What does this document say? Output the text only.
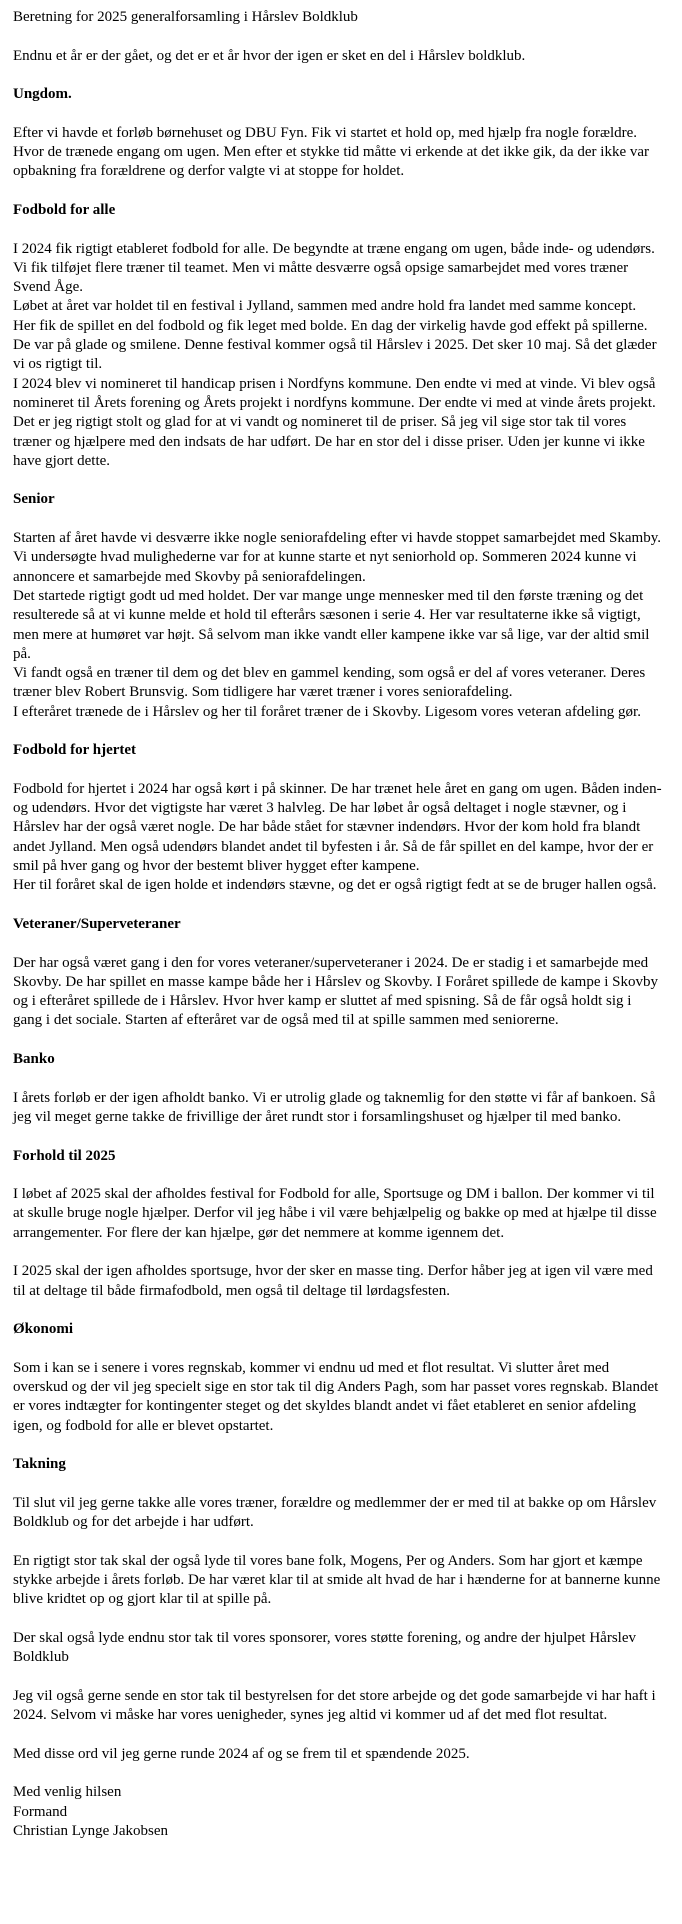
Beretning for 2025 generalforsamling i Hårslev Boldklub

Endnu et år er der gået, og det er et år hvor der igen er sket en del i Hårslev boldklub.

Ungdom.
Efter vi havde et forløb børnehuset og DBU Fyn. Fik vi startet et hold op, med hjælp fra nogle forældre. Hvor de trænede engang om ugen. Men efter et stykke tid måtte vi erkende at det ikke gik, da der ikke var opbakning fra forældrene og derfor valgte vi at stoppe for holdet.
Fodbold for alle
I 2024 fik rigtigt etableret fodbold for alle. De begyndte at træne engang om ugen, både inde- og udendørs. Vi fik tilføjet flere træner til teamet. Men vi måtte desværre også opsige samarbejdet med vores træner Svend Åge.
Løbet at året var holdet til en festival i Jylland, sammen med andre hold fra landet med samme koncept. Her fik de spillet en del fodbold og fik leget med bolde. En dag der virkelig havde god effekt på spillerne. De var på glade og smilene. Denne festival kommer også til Hårslev i 2025. Det sker 10 maj. Så det glæder vi os rigtigt til.
I 2024 blev vi nomineret til handicap prisen i Nordfyns kommune. Den endte vi med at vinde. Vi blev også nomineret til Årets forening og Årets projekt i nordfyns kommune. Der endte vi med at vinde årets projekt. Det er jeg rigtigt stolt og glad for at vi vandt og nomineret til de priser. Så jeg vil sige stor tak til vores træner og hjælpere med den indsats de har udført. De har en stor del i disse priser. Uden jer kunne vi ikke have gjort dette.
Senior
Starten af året havde vi desværre ikke nogle seniorafdeling efter vi havde stoppet samarbejdet med Skamby. Vi undersøgte hvad mulighederne var for at kunne starte et nyt seniorhold op. Sommeren 2024 kunne vi annoncere et samarbejde med Skovby på seniorafdelingen.
Det startede rigtigt godt ud med holdet. Der var mange unge mennesker med til den første træning og det resulterede så at vi kunne melde et hold til efterårs sæsonen i serie 4. Her var resultaterne ikke så vigtigt, men mere at humøret var højt. Så selvom man ikke vandt eller kampene ikke var så lige, var der altid smil på.
Vi fandt også en træner til dem og det blev en gammel kending, som også er del af vores veteraner. Deres træner blev Robert Brunsvig. Som tidligere har været træner i vores seniorafdeling.
I efteråret trænede de i Hårslev og her til foråret træner de i Skovby. Ligesom vores veteran afdeling gør.
Fodbold for hjertet
Fodbold for hjertet i 2024 har også kørt i på skinner. De har trænet hele året en gang om ugen. Båden inden- og udendørs. Hvor det vigtigste har været 3 halvleg. De har løbet år også deltaget i nogle stævner, og i Hårslev har der også været nogle. De har både stået for stævner indendørs. Hvor der kom hold fra blandt andet Jylland. Men også udendørs blandet andet til byfesten i år. Så de får spillet en del kampe, hvor der er smil på hver gang og hvor der bestemt bliver hygget efter kampene.
Her til foråret skal de igen holde et indendørs stævne, og det er også rigtigt fedt at se de bruger hallen også.
Veteraner/Superveteraner
Der har også været gang i den for vores veteraner/superveteraner i 2024. De er stadig i et samarbejde med Skovby. De har spillet en masse kampe både her i Hårslev og Skovby. I Foråret spillede de kampe i Skovby og i efteråret spillede de i Hårslev. Hvor hver kamp er sluttet af med spisning. Så de får også holdt sig i gang i det sociale. Starten af efteråret var de også med til at spille sammen med seniorerne.
Banko
I årets forløb er der igen afholdt banko. Vi er utrolig glade og taknemlig for den støtte vi får af bankoen. Så jeg vil meget gerne takke de frivillige der året rundt stor i forsamlingshuset og hjælper til med banko.
Forhold til 2025
I løbet af 2025 skal der afholdes festival for Fodbold for alle, Sportsuge og DM i ballon. Der kommer vi til at skulle bruge nogle hjælper. Derfor vil jeg håbe i vil være behjælpelig og bakke op med at hjælpe til disse arrangementer. For flere der kan hjælpe, gør det nemmere at komme igennem det.
I 2025 skal der igen afholdes sportsuge, hvor der sker en masse ting. Derfor håber jeg at igen vil være med til at deltage til både firmafodbold, men også til deltage til lørdagsfesten.
Økonomi
Som i kan se i senere i vores regnskab, kommer vi endnu ud med et flot resultat. Vi slutter året med overskud og der vil jeg specielt sige en stor tak til dig Anders Pagh, som har passet vores regnskab. Blandet er vores indtægter for kontingenter steget og det skyldes blandt andet vi fået etableret en senior afdeling igen, og fodbold for alle er blevet opstartet.
Takning
Til slut vil jeg gerne takke alle vores træner, forældre og medlemmer der er med til at bakke op om Hårslev Boldklub og for det arbejde i har udført.
En rigtigt stor tak skal der også lyde til vores bane folk, Mogens, Per og Anders. Som har gjort et kæmpe stykke arbejde i årets forløb. De har været klar til at smide alt hvad de har i hænderne for at bannerne kunne blive kridtet op og gjort klar til at spille på.
Der skal også lyde endnu stor tak til vores sponsorer, vores støtte forening, og andre der hjulpet Hårslev Boldklub
Jeg vil også gerne sende en stor tak til bestyrelsen for det store arbejde og det gode samarbejde vi har haft i 2024. Selvom vi måske har vores uenigheder, synes jeg altid vi kommer ud af det med flot resultat.
Med disse ord vil jeg gerne runde 2024 af og se frem til et spændende 2025.
Med venlig hilsen
Formand
Christian Lynge Jakobsen
